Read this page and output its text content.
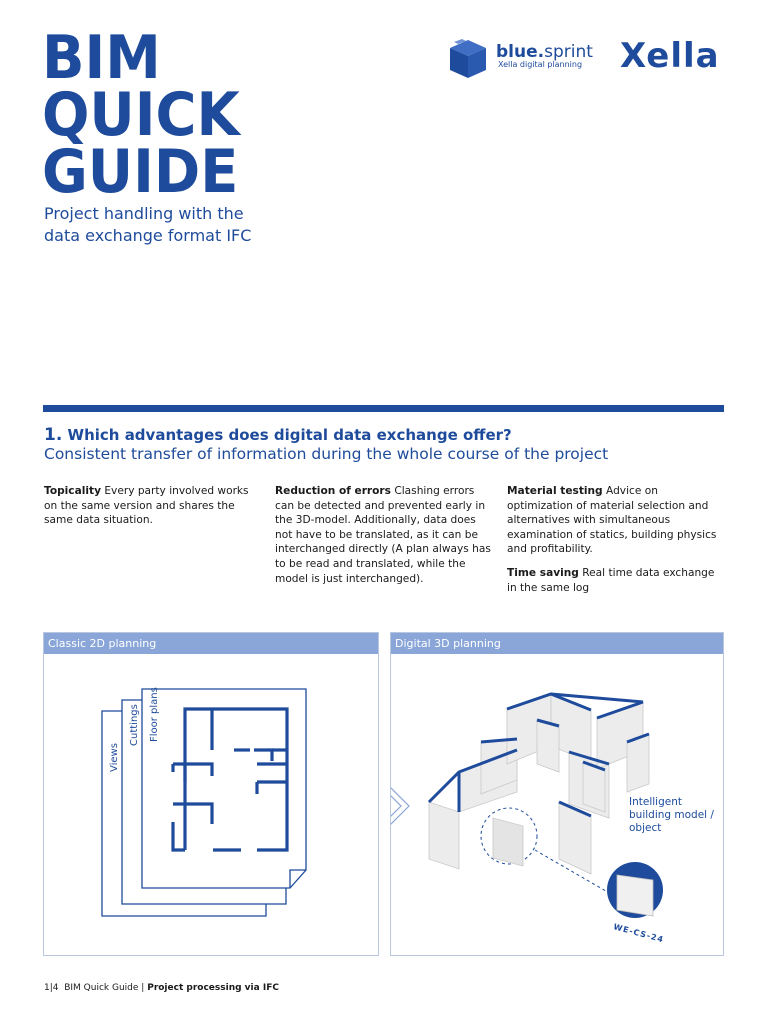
BIM
QUICK
GUIDE
Project handling with the
data exchange format IFC
blue.sprint
Xella digital planning Xella
1. Which advantages does digital data exchange offer?
Consistent transfer of information during the whole course of the project

Topicality Every party involved works on the same version and shares the same data situation.

Reduction of errors Clashing errors can be detected and prevented early in the 3D-model. Additionally, data does not have to be translated, as it can be interchanged directly (A plan always has to be read and translated, while the model is just interchanged).

Material testing Advice on optimization of material selection and alternatives with simultaneous examination of statics, building physics and profitability.

Time saving Real time data exchange in the same log

Classic 2D planning
Views
Cuttings Floor plans
Digital 3D planning
WE-CS-24
Intelligent building model / object
1|4 BIM Quick Guide | Project processing via IFC
